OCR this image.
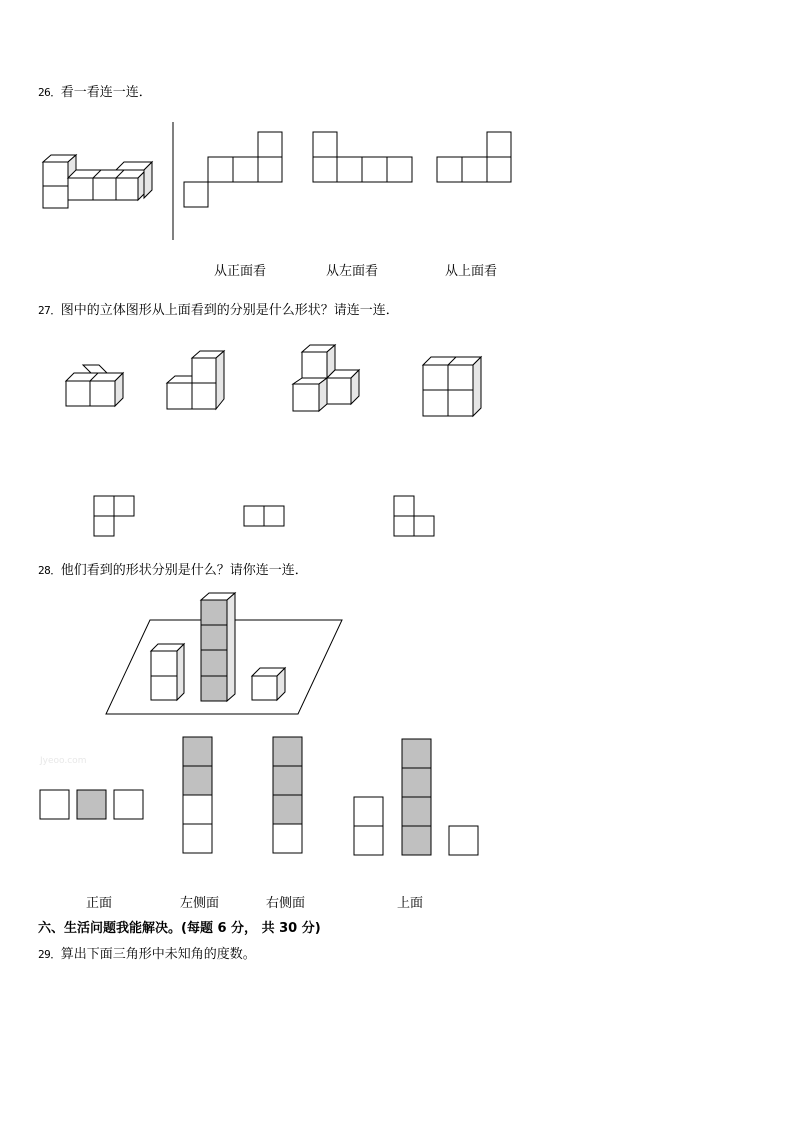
26．看一看连一连．
从正面看	从左面看	从上面看
27．图中的立体图形从上面看到的分别是什么形状？请连一连．
28．他们看到的形状分别是什么？请你连一连．
Jyeoo.com
正面	左侧面	右侧面	上面
六、生活问题我能解决。(每题 6 分， 共 30 分)
29．算出下面三角形中未知角的度数。
